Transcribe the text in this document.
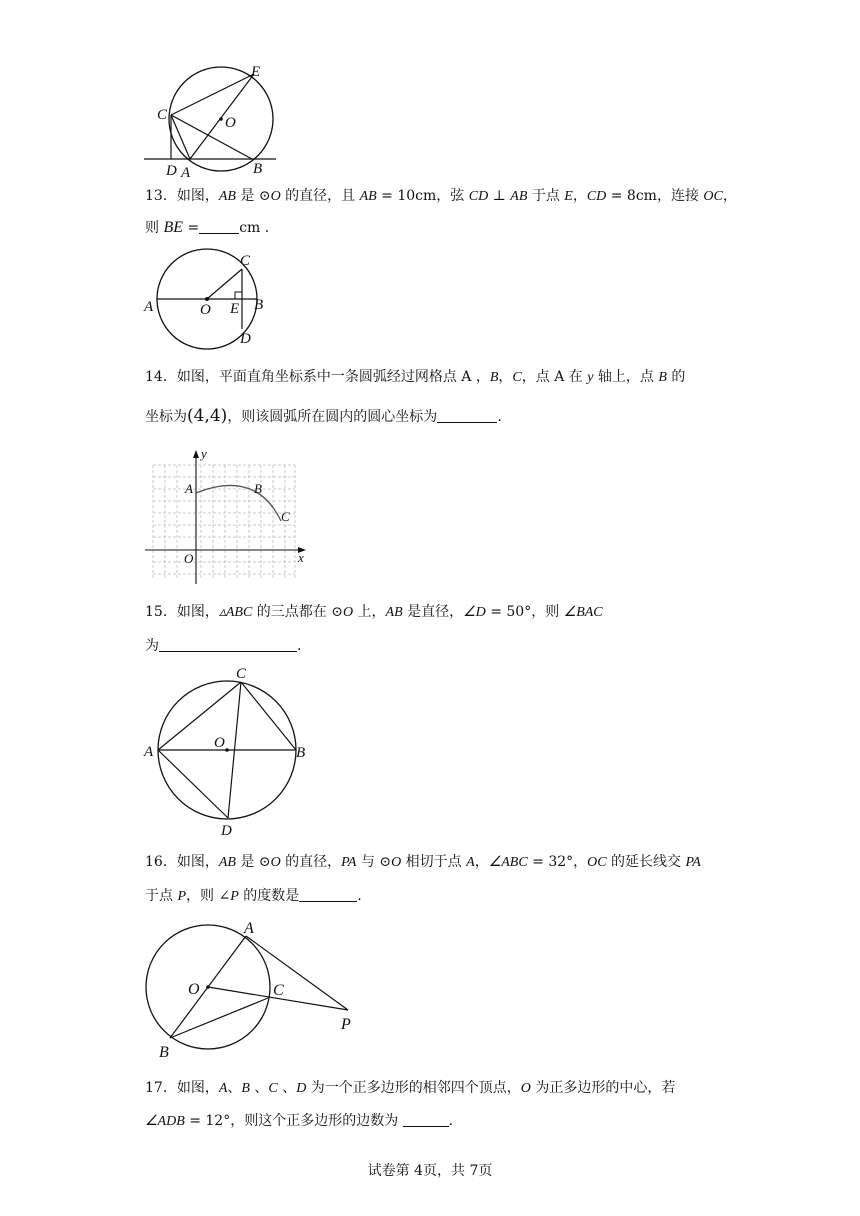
E
C	O
D A	B
13．如图，AB 是 ⊙O 的直径，且 AB = 10cm，弦 CD ⊥ AB 于点 E，CD = 8cm，连接 OC，
则 BE =	cm .
C
A	O E B
D
14．如图，平面直角坐标系中一条圆弧经过网格点 A ，B，C，点 A 在 y 轴上，点 B 的
坐标为(4,4)，则该圆弧所在圆内的圆心坐标为	.
y
A	B
C
O	x
15．如图，▵ABC 的三点都在 ⊙O 上，AB 是直径，∠D = 50°，则 ∠BAC
为	.
C
A
O
B
D
16．如图，AB 是 ⊙O 的直径，PA 与 ⊙O 相切于点 A，∠ABC = 32°，OC 的延长线交 PA
于点 P，则 ∠P 的度数是	.
A
O	C
P
B
17．如图，A、B 、C 、D 为一个正多边形的相邻四个顶点，O 为正多边形的中心，若
∠ADB = 12°，则这个正多边形的边数为	.
试卷第 4页，共 7页
